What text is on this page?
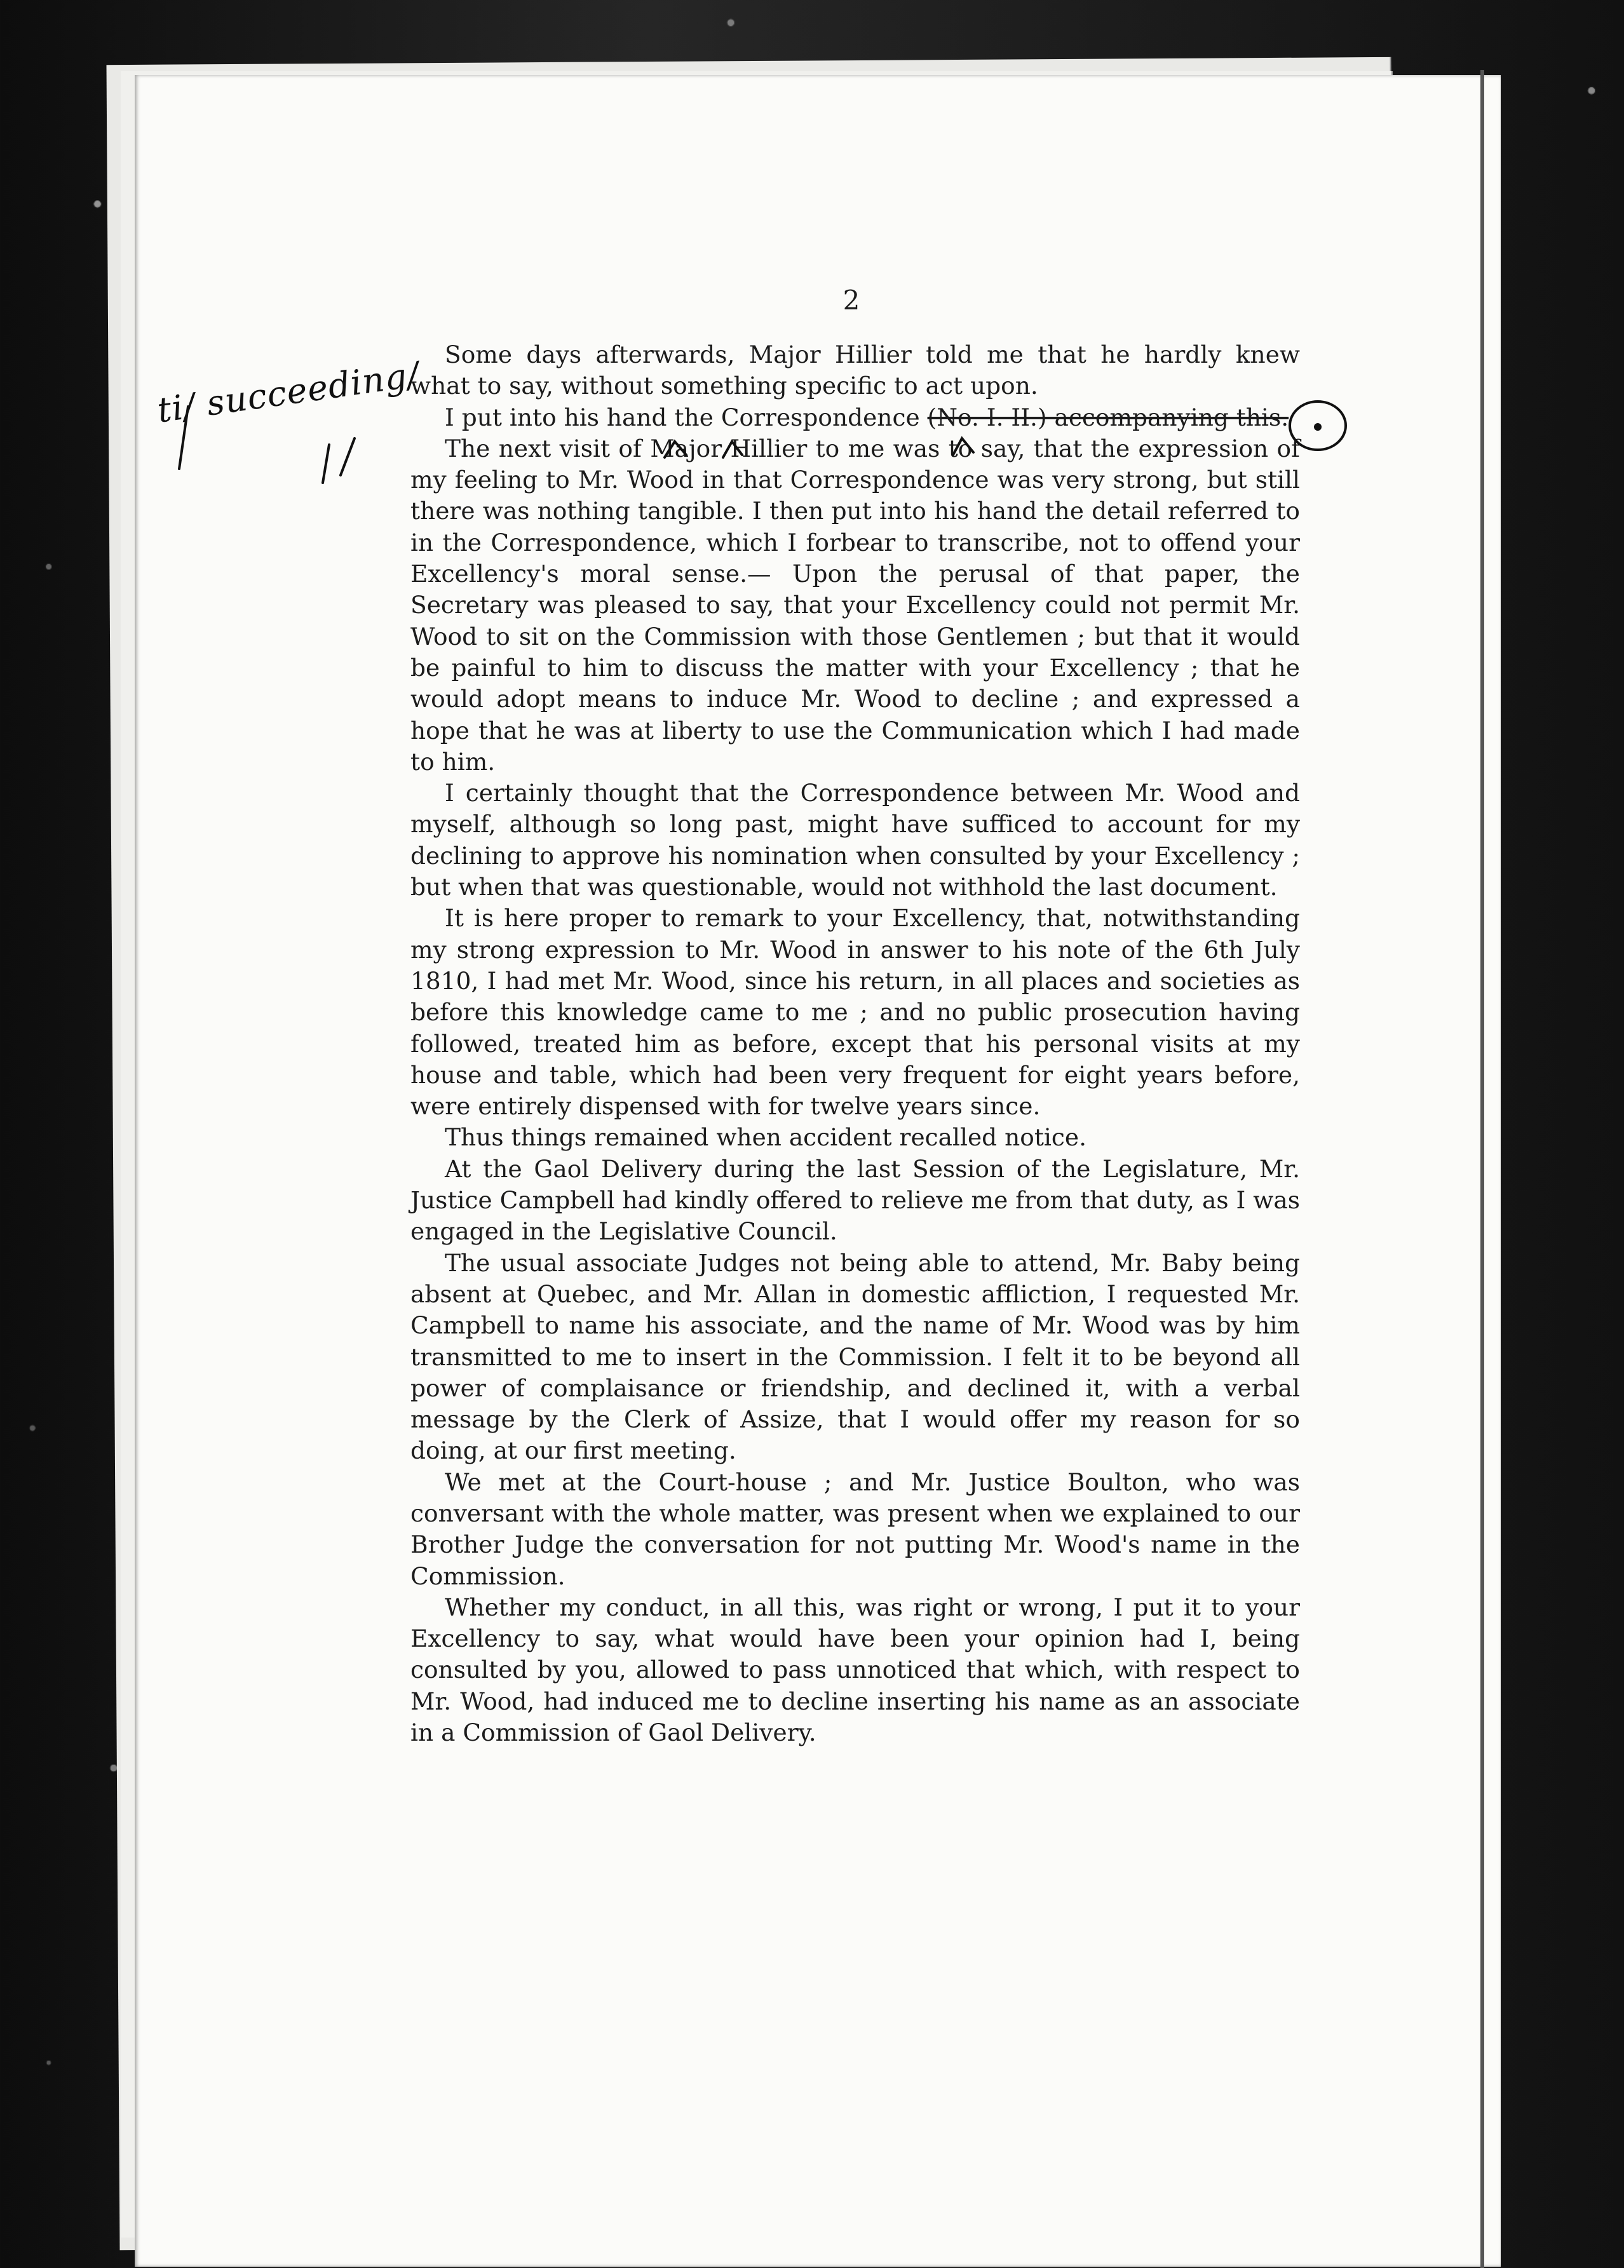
2
ti/ succeeding/ Some days afterwards, Major Hillier told me that he hardly knew what to say, without something specific to act upon.

I put into his hand the Correspondence (No. I. II.) accompanying this.

The next visit of Major Hillier to me was to say, that the expression of my feeling to Mr. Wood in that Correspondence was very strong, but still there was nothing tangible. I then put into his hand the detail referred to in the Correspondence, which I forbear to transcribe, not to offend your Excellency's moral sense.— Upon the perusal of that paper, the Secretary was pleased to say, that your Excellency could not permit Mr. Wood to sit on the Commission with those Gentlemen ; but that it would be painful to him to discuss the matter with your Excellency ; that he would adopt means to induce Mr. Wood to decline ; and expressed a hope that he was at liberty to use the Communication which I had made to him.

I certainly thought that the Correspondence between Mr. Wood and myself, although so long past, might have sufficed to account for my declining to approve his nomination when consulted by your Excellency ; but when that was questionable, would not withhold the last document.

It is here proper to remark to your Excellency, that, notwithstanding my strong expression to Mr. Wood in answer to his note of the 6th July 1810, I had met Mr. Wood, since his return, in all places and societies as before this knowledge came to me ; and no public prosecution having followed, treated him as before, except that his personal visits at my house and table, which had been very frequent for eight years before, were entirely dispensed with for twelve years since.

Thus things remained when accident recalled notice.

At the Gaol Delivery during the last Session of the Legislature, Mr. Justice Campbell had kindly offered to relieve me from that duty, as I was engaged in the Legislative Council.

The usual associate Judges not being able to attend, Mr. Baby being absent at Quebec, and Mr. Allan in domestic affliction, I requested Mr. Campbell to name his associate, and the name of Mr. Wood was by him transmitted to me to insert in the Commission. I felt it to be beyond all power of complaisance or friendship, and declined it, with a verbal message by the Clerk of Assize, that I would offer my reason for so doing, at our first meeting.

We met at the Court-house ; and Mr. Justice Boulton, who was conversant with the whole matter, was present when we explained to our Brother Judge the conversation for not putting Mr. Wood's name in the Commission.

Whether my conduct, in all this, was right or wrong, I put it to your Excellency to say, what would have been your opinion had I, being consulted by you, allowed to pass unnoticed that which, with respect to Mr. Wood, had induced me to decline inserting his name as an associate in a Commission of Gaol Delivery.
